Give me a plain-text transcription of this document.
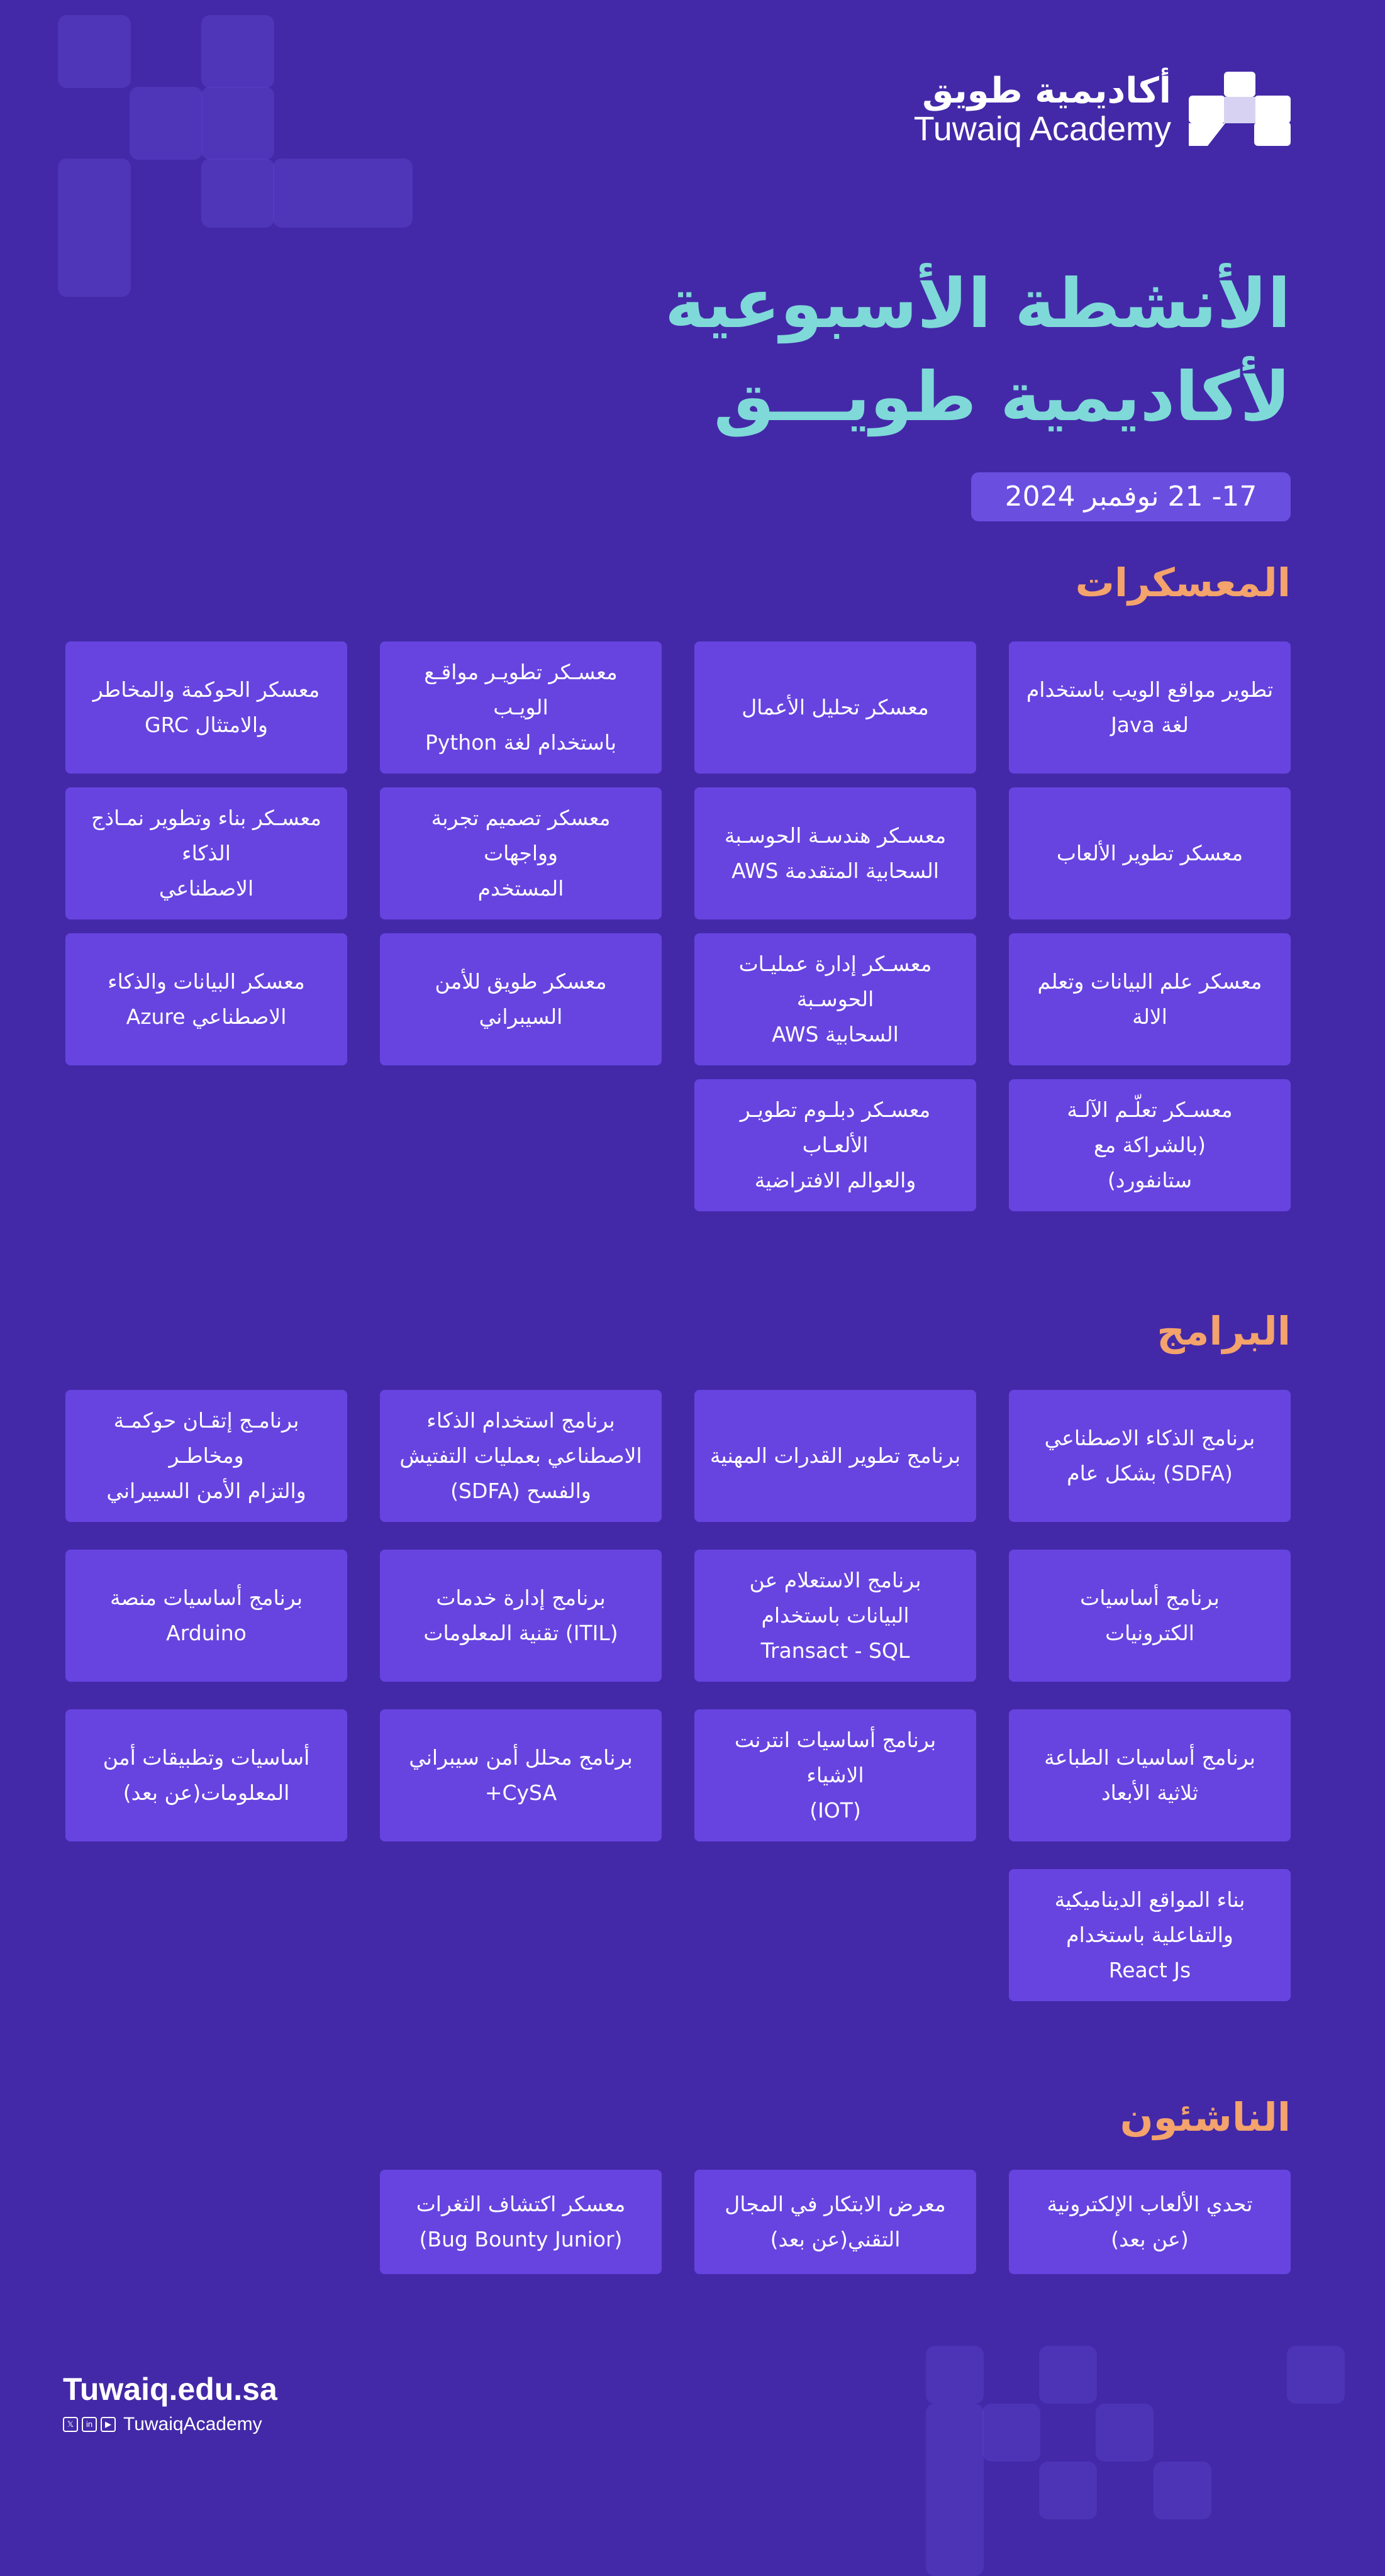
أكاديمية طويق
Tuwaiq Academy
الأنشطة الأسبوعية
لأكاديمية طويـــق
17- 21 نوفمبر 2024
المعسكرات
تطوير مواقع الويب باستخدام
لغة Java
معسكر تحليل الأعمال
معسـكر تطويـر مواقـع الويـب
باستخدام لغة Python
معسكر الحوكمة والمخاطر
والامتثال GRC
معسكر تطوير الألعاب
معسـكر هندسـة الحوسـبة
السحابية المتقدمة AWS
معسكر تصميم تجربة وواجهات
المستخدم
معسـكر بناء وتطوير نمـاذج الذكاء
الاصطناعي
معسكر علم البيانات وتعلم الالة
معسـكر إدارة عمليـات الحوسـبة
السحابية AWS
معسكر طويق للأمن السيبراني
معسكر البيانات والذكاء
الاصطناعي Azure
معسـكر تعلّـم الآلـة (بالشراكة مع
ستانفورد)
معسـكر دبلـوم تطويـر الألعـاب
والعوالم الافتراضية
البرامج
برنامج الذكاء الاصطناعي
(SDFA) بشكل عام
برنامج تطوير القدرات المهنية
برنامج استخدام الذكاء
الاصطناعي بعمليات التفتيش
والفسح (SDFA)
برنامـج إتقـان حوكمـة ومخاطـر
والتزام الأمن السيبراني
برنامج أساسيات
الكترونيات
برنامج الاستعلام عن
البيانات باستخدام
Transact - SQL
برنامج إدارة خدمات
(ITIL) تقنية المعلومات
برنامج أساسيات منصة
Arduino
برنامج أساسيات الطباعة
ثلاثية الأبعاد
برنامج أساسيات انترنت
الاشياء
(IOT)
برنامج محلل أمن سيبراني
CySA+
أساسيات وتطبيقات أمن
المعلومات(عن بعد)
بناء المواقع الديناميكية
والتفاعلية باستخدام
React Js
الناشئون
تحدي الألعاب الإلكترونية
(عن بعد)
معرض الابتكار في المجال
التقني(عن بعد)
معسكر اكتشاف الثغرات
(Bug Bounty Junior)
Tuwaiq.edu.sa
𝕏	in	▶ TuwaiqAcademy
